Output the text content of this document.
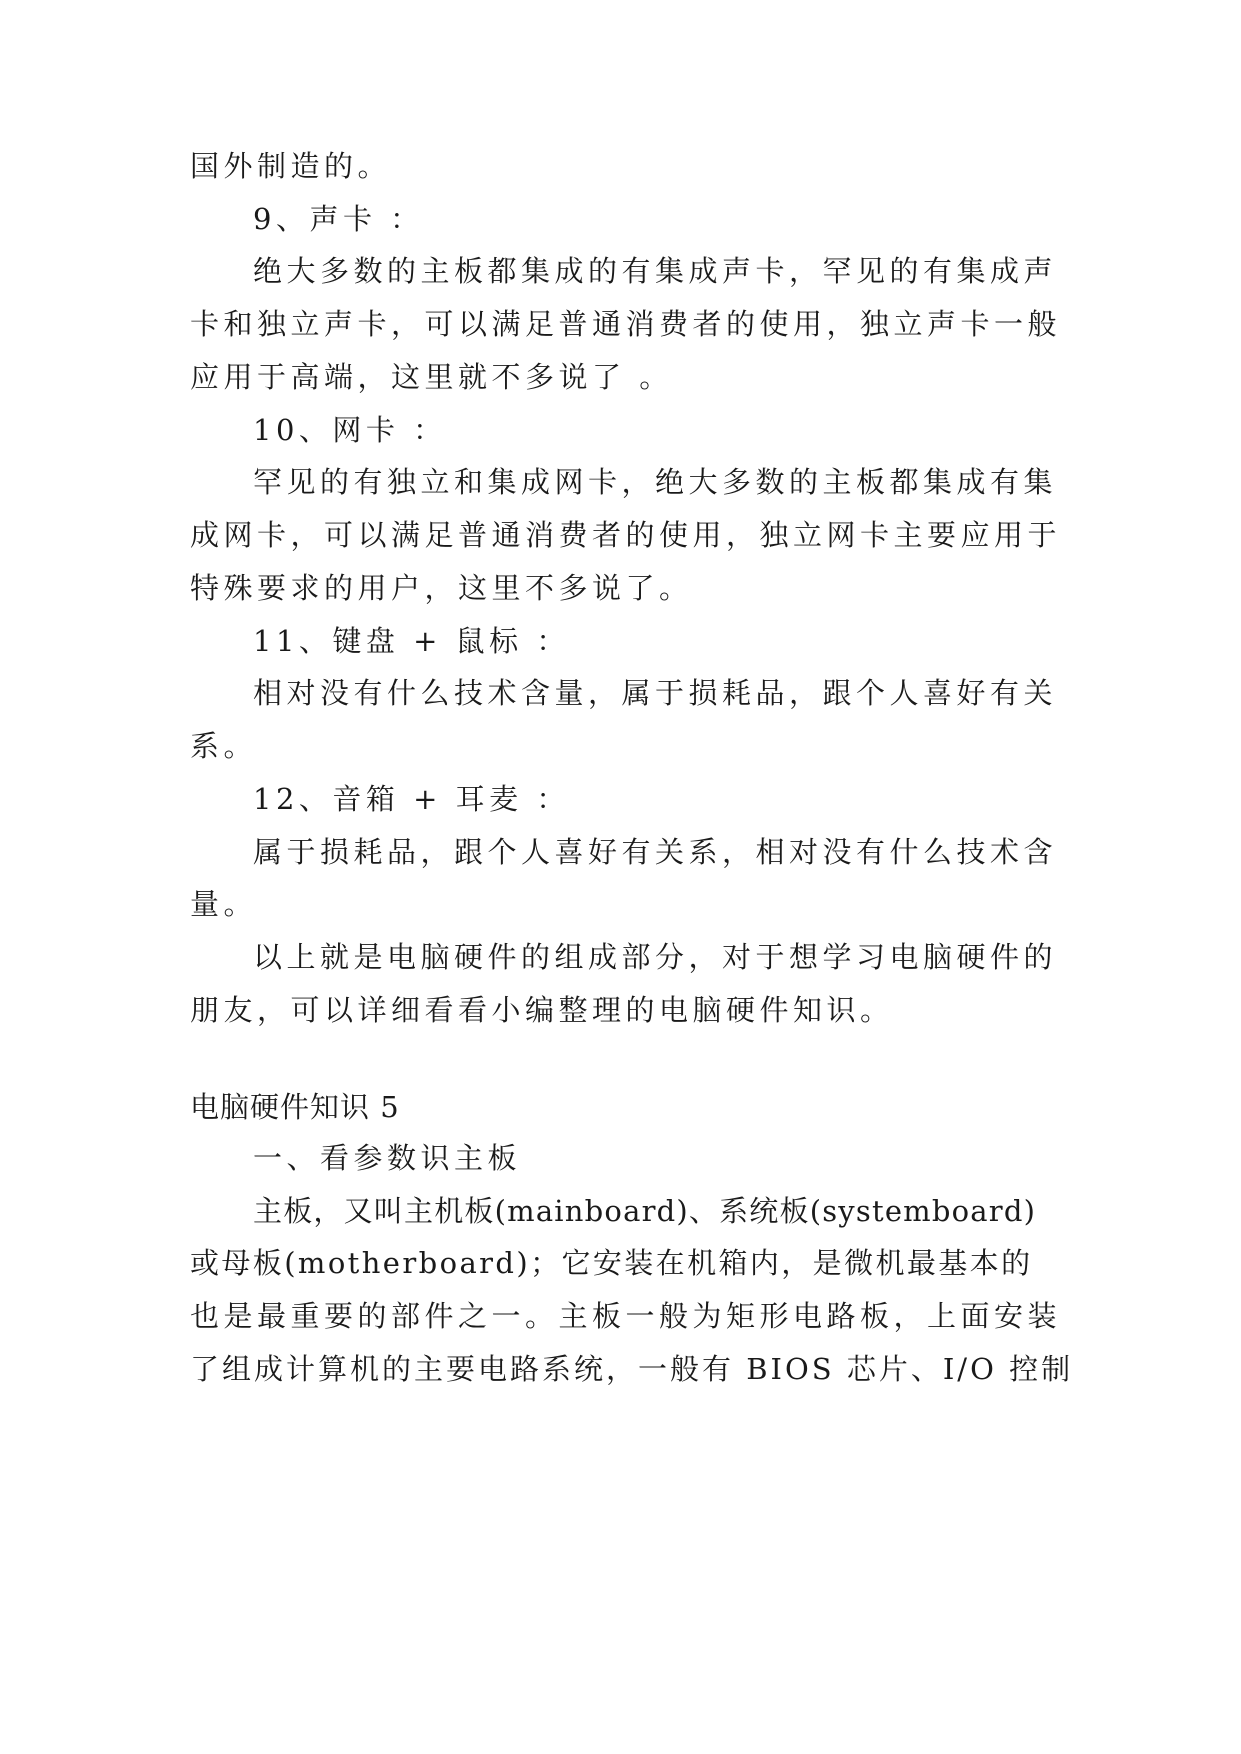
国外制造的。
9、声卡 ：
绝大多数的主板都集成的有集成声卡，罕见的有集成声
卡和独立声卡，可以满足普通消费者的使用，独立声卡一般
应用于高端，这里就不多说了 。
10、网卡 ：
罕见的有独立和集成网卡，绝大多数的主板都集成有集
成网卡，可以满足普通消费者的使用，独立网卡主要应用于
特殊要求的用户，这里不多说了。
11、键盘 + 鼠标 ：
相对没有什么技术含量，属于损耗品，跟个人喜好有关
系。
12、音箱 + 耳麦 ：
属于损耗品，跟个人喜好有关系，相对没有什么技术含
量。
以上就是电脑硬件的组成部分，对于想学习电脑硬件的
朋友，可以详细看看小编整理的电脑硬件知识。
电脑硬件知识 5
一、看参数识主板
主板，又叫主机板(mainboard)、系统板(systemboard)
或母板(motherboard)；它安装在机箱内，是微机最基本的
也是最重要的部件之一。主板一般为矩形电路板，上面安装
了组成计算机的主要电路系统，一般有 BIOS 芯片、I/O 控制
